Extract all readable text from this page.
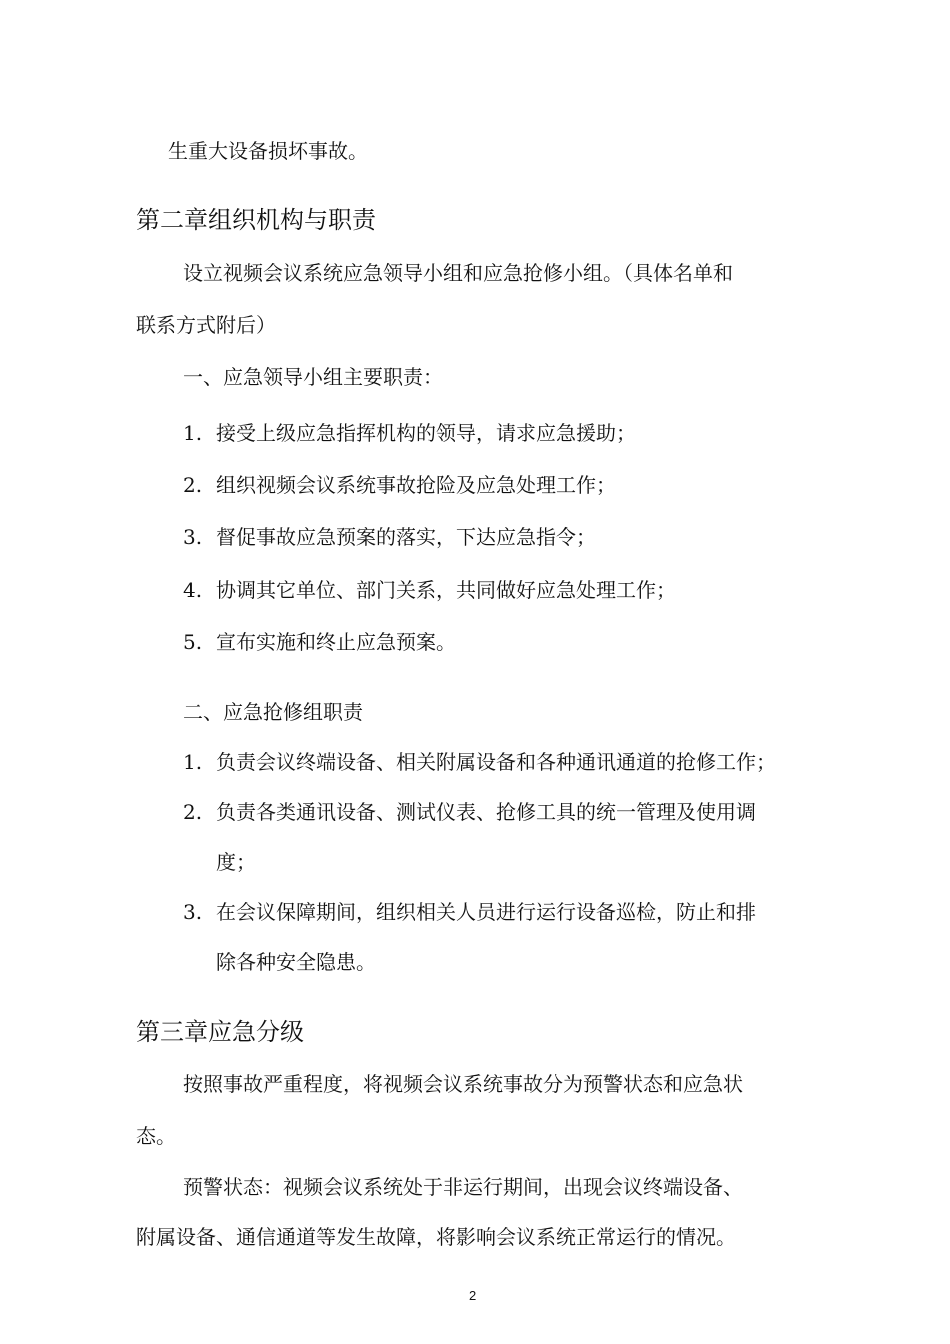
生重大设备损坏事故。
第二章组织机构与职责
设立视频会议系统应急领导小组和应急抢修小组。（具体名单和
联系方式附后）
一、应急领导小组主要职责：
1. 接受上级应急指挥机构的领导，请求应急援助；
2. 组织视频会议系统事故抢险及应急处理工作；
3. 督促事故应急预案的落实，下达应急指令；
4. 协调其它单位、部门关系，共同做好应急处理工作；
5. 宣布实施和终止应急预案。
二、应急抢修组职责
1. 负责会议终端设备、相关附属设备和各种通讯通道的抢修工作；
2. 负责各类通讯设备、测试仪表、抢修工具的统一管理及使用调
度；
3. 在会议保障期间，组织相关人员进行运行设备巡检，防止和排
除各种安全隐患。
第三章应急分级
按照事故严重程度，将视频会议系统事故分为预警状态和应急状
态。
预警状态：视频会议系统处于非运行期间，出现会议终端设备、
附属设备、通信通道等发生故障，将影响会议系统正常运行的情况。
2
